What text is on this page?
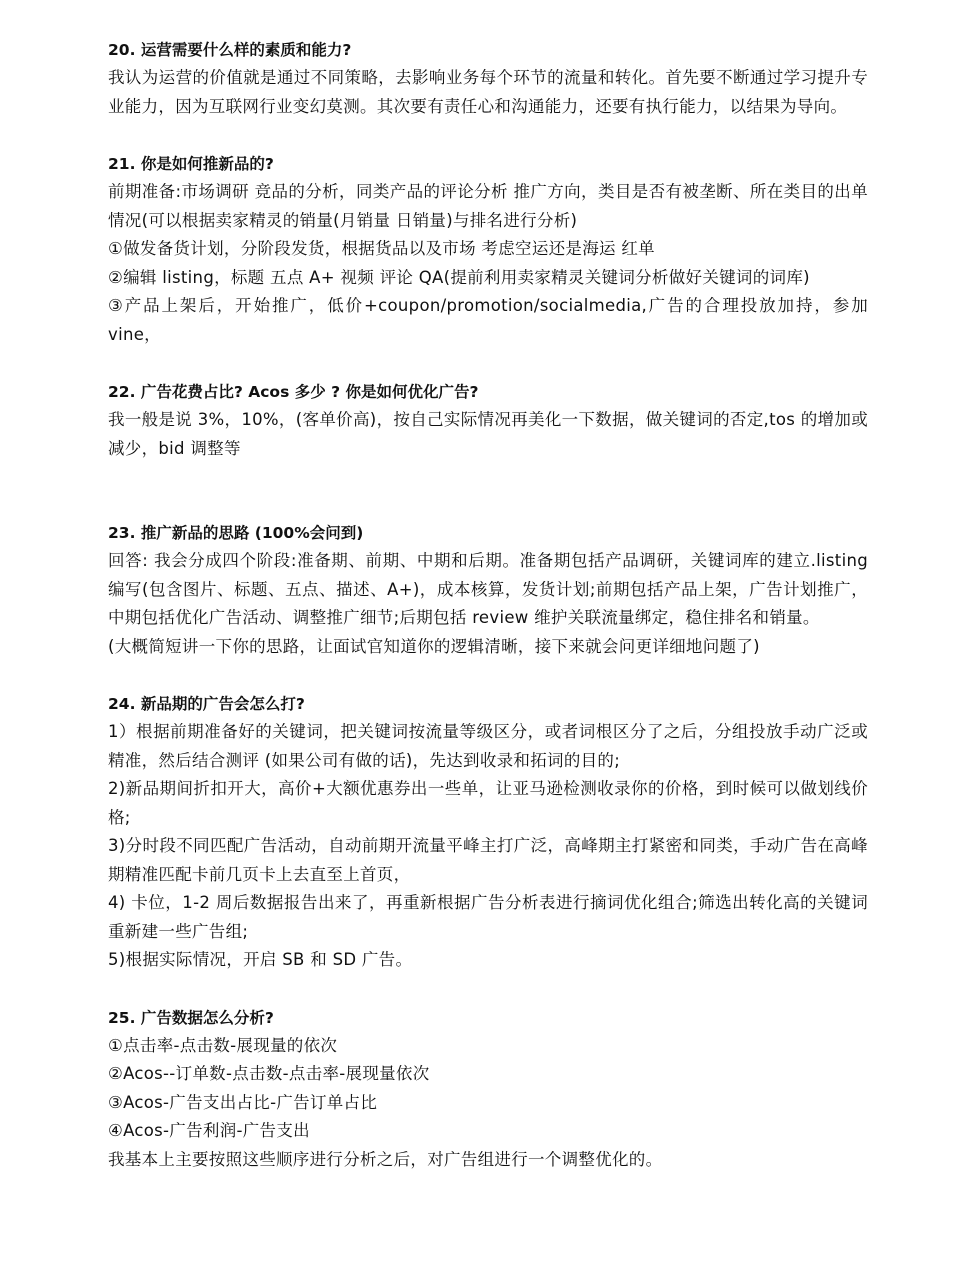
20. 运营需要什么样的素质和能力?
我认为运营的价值就是通过不同策略，去影响业务每个环节的流量和转化。首先要不断通过学习提升专业能力，因为互联网行业变幻莫测。其次要有责任心和沟通能力，还要有执行能力，以结果为导向。
21. 你是如何推新品的?
前期准备:市场调研 竞品的分析，同类产品的评论分析 推广方向，类目是否有被垄断、所在类目的出单情况(可以根据卖家精灵的销量(月销量 日销量)与排名进行分析)
①做发备货计划，分阶段发货，根据货品以及市场 考虑空运还是海运 红单
②编辑 listing，标题 五点 A+ 视频 评论 QA(提前利用卖家精灵关键词分析做好关键词的词库)
③产品上架后，开始推广，低价+coupon/promotion/socialmedia,广告的合理投放加持，参加vine，
22. 广告花费占比? Acos 多少 ? 你是如何优化广告?
我一般是说 3%，10%，(客单价高)，按自己实际情况再美化一下数据，做关键词的否定,tos 的增加或减少，bid 调整等
23. 推广新品的思路 (100%会问到)
回答: 我会分成四个阶段:准备期、前期、中期和后期。准备期包括产品调研，关键词库的建立.listing 编写(包含图片、标题、五点、描述、A+)，成本核算，发货计划;前期包括产品上架，广告计划推广，中期包括优化广告活动、调整推广细节;后期包括 review 维护关联流量绑定，稳住排名和销量。
(大概简短讲一下你的思路，让面试官知道你的逻辑清晰，接下来就会问更详细地问题了)
24. 新品期的广告会怎么打?
1）根据前期准备好的关键词，把关键词按流量等级区分，或者词根区分了之后，分组投放手动广泛或精准，然后结合测评 (如果公司有做的话)，先达到收录和拓词的目的;
2)新品期间折扣开大，高价+大额优惠券出一些单，让亚马逊检测收录你的价格，到时候可以做划线价格;
3)分时段不同匹配广告活动，自动前期开流量平峰主打广泛，高峰期主打紧密和同类，手动广告在高峰期精准匹配卡前几页卡上去直至上首页，
4) 卡位，1-2 周后数据报告出来了，再重新根据广告分析表进行摘词优化组合;筛选出转化高的关键词重新建一些广告组;
5)根据实际情况，开启 SB 和 SD 广告。
25. 广告数据怎么分析?
①点击率-点击数-展现量的依次
②Acos--订单数-点击数-点击率-展现量依次
③Acos-广告支出占比-广告订单占比
④Acos-广告利润-广告支出
我基本上主要按照这些顺序进行分析之后，对广告组进行一个调整优化的。
